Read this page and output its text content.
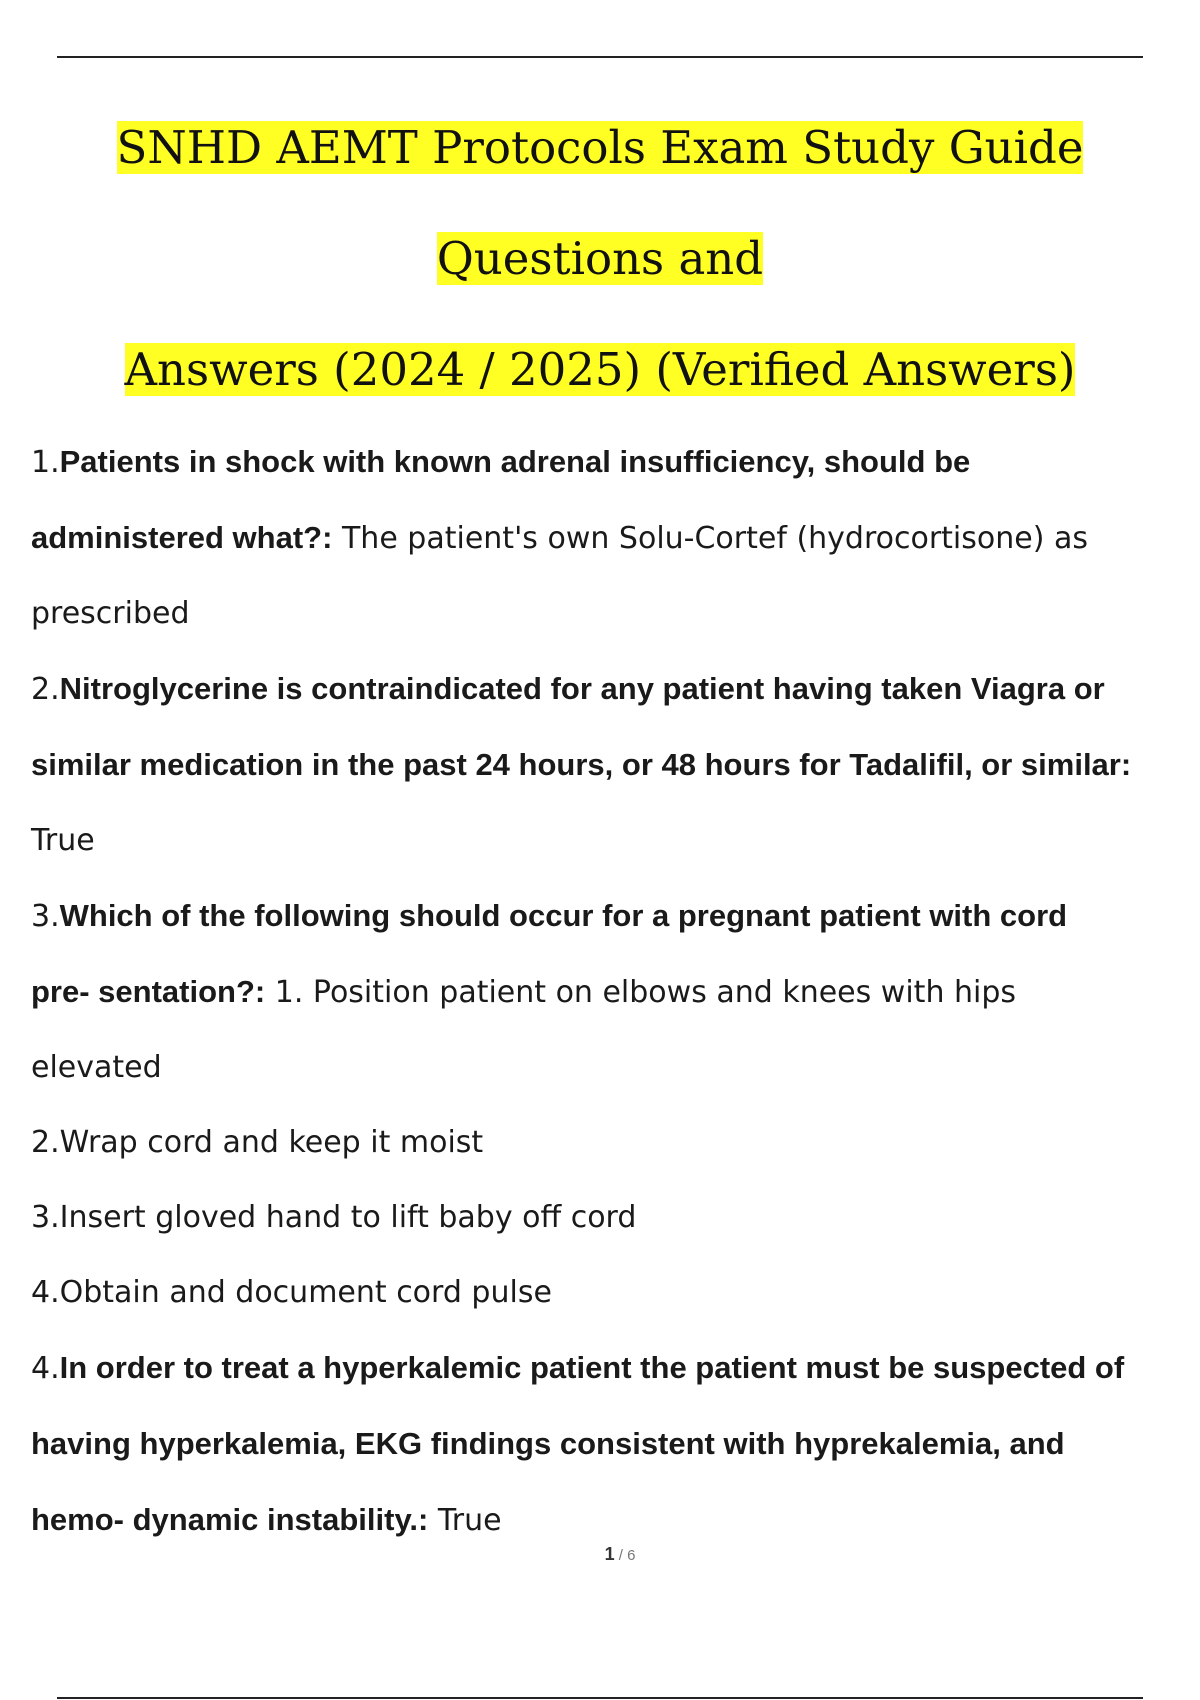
SNHD AEMT Protocols Exam Study Guide Questions and
Answers (2024 / 2025) (Verified Answers)

1.Patients in shock with known adrenal insufficiency, should be

administered what?: The patient's own Solu-Cortef (hydrocortisone) as

prescribed

2.Nitroglycerine is contraindicated for any patient having taken Viagra or

similar medication in the past 24 hours, or 48 hours for Tadalifil, or similar:

True

3.Which of the following should occur for a pregnant patient with cord

pre- sentation?: 1. Position patient on elbows and knees with hips

elevated

2.Wrap cord and keep it moist

3.Insert gloved hand to lift baby off cord

4.Obtain and document cord pulse

4.In order to treat a hyperkalemic patient the patient must be suspected of

having hyperkalemia, EKG findings consistent with hyprekalemia, and

hemo- dynamic instability.: True

1 / 6
